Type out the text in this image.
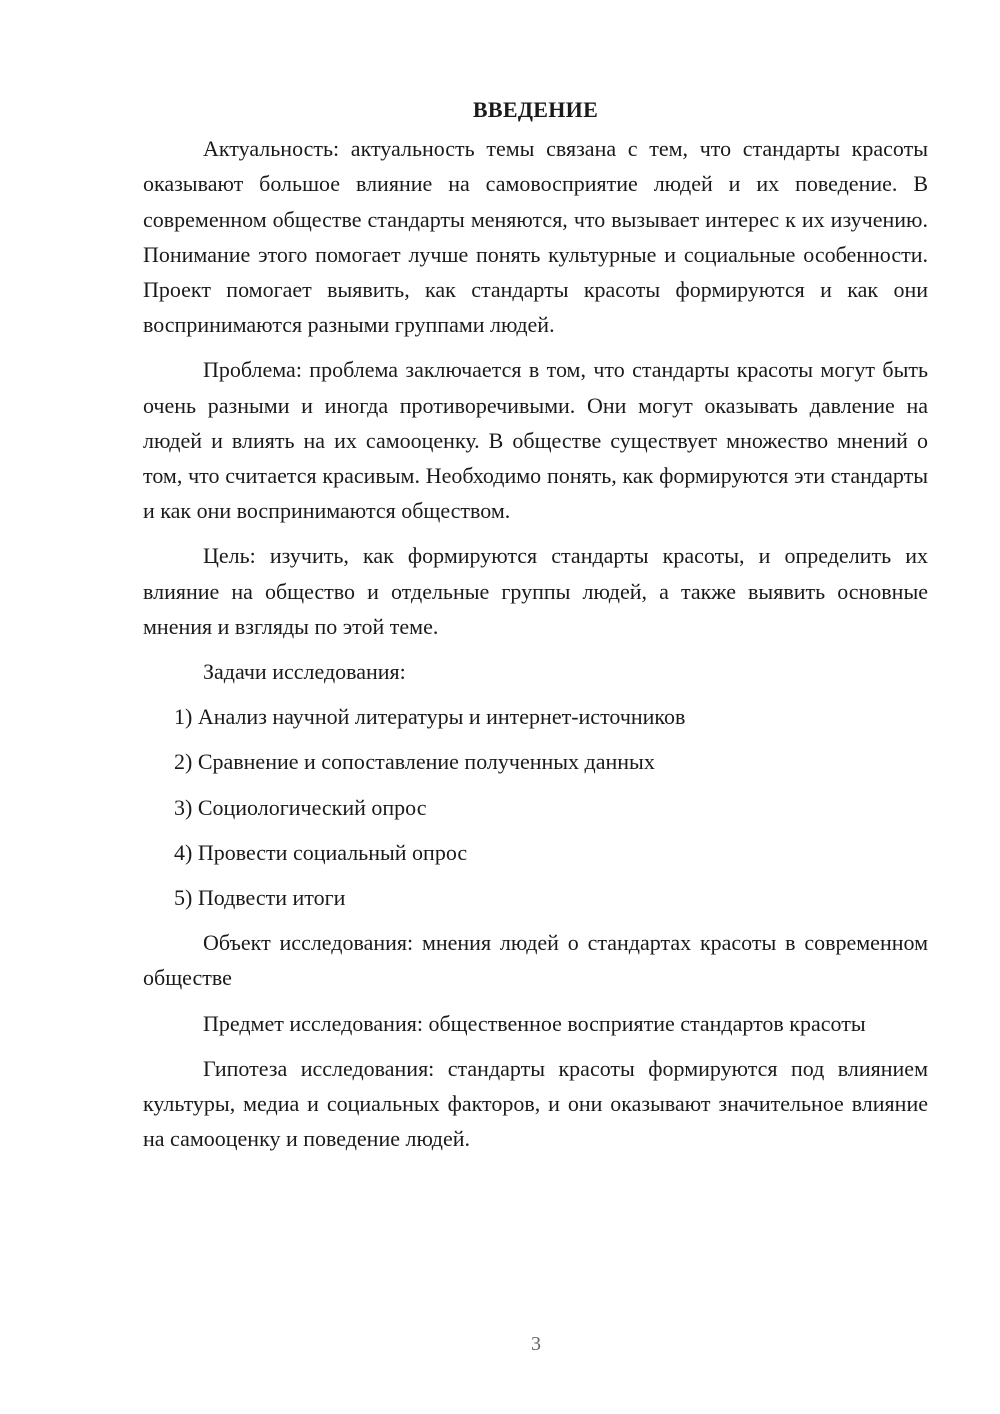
ВВЕДЕНИЕ

Актуальность: актуальность темы связана с тем, что стандарты красоты оказывают большое влияние на самовосприятие людей и их поведение. В современном обществе стандарты меняются, что вызывает интерес к их изучению. Понимание этого помогает лучше понять культурные и социальные особенности. Проект помогает выявить, как стандарты красоты формируются и как они воспринимаются разными группами людей.

Проблема: проблема заключается в том, что стандарты красоты могут быть очень разными и иногда противоречивыми. Они могут оказывать давление на людей и влиять на их самооценку. В обществе существует множество мнений о том, что считается красивым. Необходимо понять, как формируются эти стандарты и как они воспринимаются обществом.

Цель: изучить, как формируются стандарты красоты, и определить их влияние на общество и отдельные группы людей, а также выявить основные мнения и взгляды по этой теме.

Задачи исследования:

1) Анализ научной литературы и интернет-источников
2) Сравнение и сопоставление полученных данных
3) Социологический опрос
4) Провести социальный опрос
5) Подвести итоги

Объект исследования: мнения людей о стандартах красоты в современном обществе

Предмет исследования: общественное восприятие стандартов красоты

Гипотеза исследования: стандарты красоты формируются под влиянием культуры, медиа и социальных факторов, и они оказывают значительное влияние на самооценку и поведение людей.

3
